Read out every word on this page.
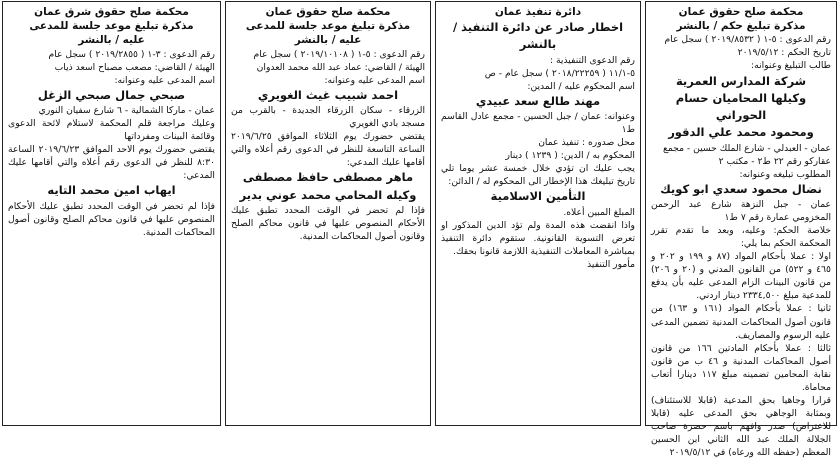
محكمة صلح حقوق عمان
مذكرة تبليغ حكم / بالنشر
رقم الدعوى : ٥-١ ( ٢٠١٩/٨٥٣٢ ) سجل عام
تاريخ الحكم : ٢٠١٩/٥/١٢
طالب التبليغ وعنوانه:
شركة المدارس العمرية
وكيلها المحاميان حسام الحوراني
ومحمود محمد علي الدقور
عمان - العبدلي - شارع الملك حسين - مجمع عقاركو رقم ٢٢ ط٢ - مكتب ٢
المطلوب تبليغه وعنوانه:
نضال محمود سعدي ابو كويك
عمان - جبل النزهة شارع عبد الرحمن المخزومي عمارة رقم ٧ ط١
خلاصة الحكم: وعليه، وبعد ما تقدم تقرر المحكمة الحكم بما يلي:
اولا : عملا بأحكام المواد (٨٧ و ١٩٩ و ٢٠٢ و ٤٦٥ و ٥٢٢) من القانون المدني و (٢٠ و ٢٠٦) من قانون البينات الزام المدعى عليه بأن يدفع للمدعية مبلغ ٢٣٣٤,٥٠٠ دينار اردني.
ثانيا : عملا بأحكام المواد (١٦١ و ١٦٣) من قانون أصول المحاكمات المدنية تضمين المدعى عليه الرسوم والمصاريف.
ثالثا : عملا بأحكام المادتين ١٦٦ من قانون أصول المحاكمات المدنية و ٤٦ ب من قانون نقابة المحامين تضمينه مبلغ ١١٧ دينارا أتعاب محاماة.
قرارا وجاهيا بحق المدعية (قابلا للاستئناف) وبمثابة الوجاهي بحق المدعى عليه (قابلا للاعتراض) صدر وافهم باسم حضرة صاحب الجلالة الملك عبد الله الثاني ابن الحسين المعظم (حفظه الله ورعاه) في ٢٠١٩/٥/١٢
دائرة تنفيذ عمان
اخطار صادر عن دائرة التنفيذ / بالنشر
رقم الدعوى التنفيذية :
٥-١١/١ ( ٢٠١٨/٢٢٢٥٩ ) سجل عام - ص
اسم المحكوم عليه / المدين:
مهند طالع سعد عبيدي
وعنوانه: عمان / جبل الحسين - مجمع عادل القاسم ط١
محل صدوره : تنفيذ عمان
المحكوم به / الدين: ( ١٢٣٩ ) دينار
يجب عليك ان تؤدي خلال خمسة عشر يوما تلي تاريخ تبليغك هذا الإخطار الى المحكوم له / الدائن:
التأمين الاسلامية
المبلغ المبين أعلاه.
واذا انقضت هذه المدة ولم تؤد الدين المذكور او تعرض التسوية القانونية. ستقوم دائرة التنفيذ بمباشرة المعاملات التنفيذية اللازمة قانونا بحقك.
مأمور التنفيذ
محكمة صلح حقوق عمان
مذكرة تبليغ موعد جلسة للمدعى
عليه / بالنشر
رقم الدعوى : ٥-١ ( ٢٠١٩/١٠١٠٨ ) سجل عام
الهيئة / القاضي: عماد عبد الله محمد العدوان
اسم المدعى عليه وعنوانه:
احمد شبيب غيث الغويري
الزرقاء - سكان الزرقاء الجديدة - بالقرب من مسجد بادي الغويري
يقتضي حضورك يوم الثلاثاء الموافق ٢٠١٩/٦/٢٥ الساعة التاسعة للنظر في الدعوى رقم أعلاه والتي أقامها عليك المدعي:
ماهر مصطفى حافظ مصطفى
وكيله المحامي محمد عوني بدير
فإذا لم تحضر في الوقت المحدد تطبق عليك الأحكام المنصوص عليها في قانون محاكم الصلح وقانون أصول المحاكمات المدنية.
محكمة صلح حقوق شرق عمان
مذكرة تبليغ موعد جلسة للمدعى
عليه / بالنشر
رقم الدعوى : ٣-١ ( ٢٠١٩/٢٨٥٥ ) سجل عام
الهيئة / القاضي: مصعب مصباح اسعد ذياب
اسم المدعى عليه وعنوانه:
صبحي جمال صبحي الزغل
عمان - ماركا الشمالية - ٦ شارع سفيان النوري
وعليك مراجعة قلم المحكمة لاستلام لائحة الدعوى وقائمة البينات ومفرداتها
يقتضي حضورك يوم الاحد الموافق ٢٠١٩/٦/٢٣ الساعة ٨:٣٠ للنظر في الدعوى رقم أعلاه والتي أقامها عليك المدعي:
ايهاب امين محمد التايه
فإذا لم تحضر في الوقت المحدد تطبق عليك الأحكام المنصوص عليها في قانون محاكم الصلح وقانون أصول المحاكمات المدنية.
